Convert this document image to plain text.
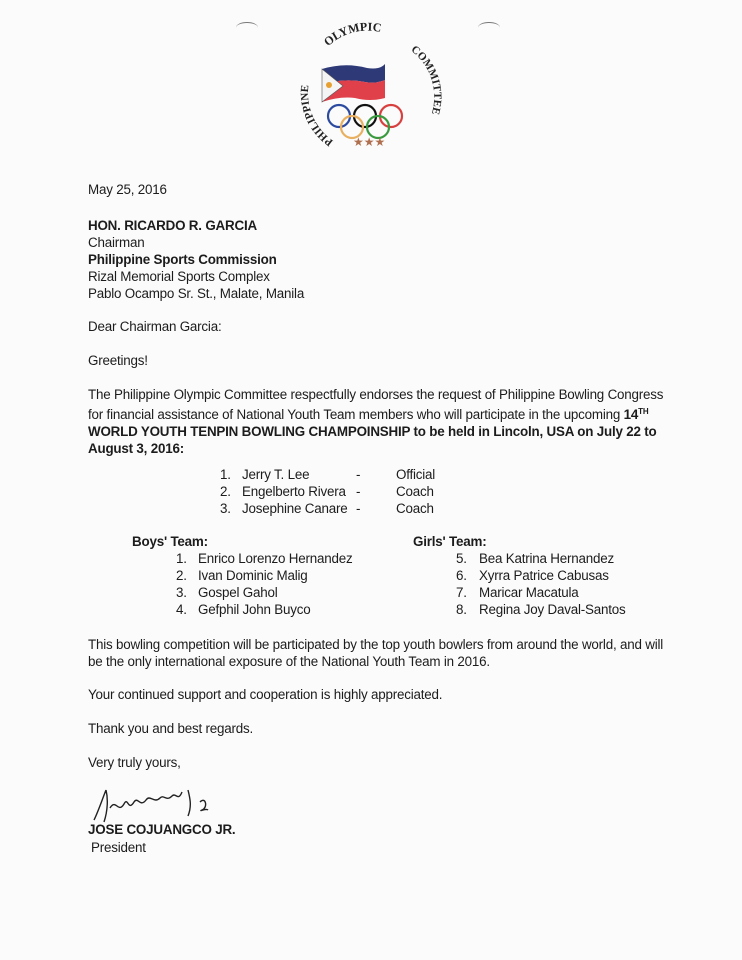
OLYMPIC
PHILIPPINE
COMMITTEE
★★★
May 25, 2016
HON. RICARDO R. GARCIA
Chairman
Philippine Sports Commission
Rizal Memorial Sports Complex
Pablo Ocampo Sr. St., Malate, Manila
Dear Chairman Garcia:
Greetings!
The Philippine Olympic Committee respectfully endorses the request of Philippine Bowling Congress
for financial assistance of National Youth Team members who will participate in the upcoming 14TH
WORLD YOUTH TENPIN BOWLING CHAMPOINSHIP to be held in Lincoln, USA on July 22 to
August 3, 2016:
1. Jerry T. Lee	-	Official
2. Engelberto Rivera -	Coach
3. Josephine Canare -	Coach
Boys' Team:
1. Enrico Lorenzo Hernandez
2. Ivan Dominic Malig
3. Gospel Gahol
4. Gefphil John Buyco
Girls' Team:
5. Bea Katrina Hernandez
6. Xyrra Patrice Cabusas
7. Maricar Macatula
8. Regina Joy Daval-Santos
This bowling competition will be participated by the top youth bowlers from around the world, and will
be the only international exposure of the National Youth Team in 2016.
Your continued support and cooperation is highly appreciated.
Thank you and best regards.
Very truly yours,
JOSE COJUANGCO JR.
President
